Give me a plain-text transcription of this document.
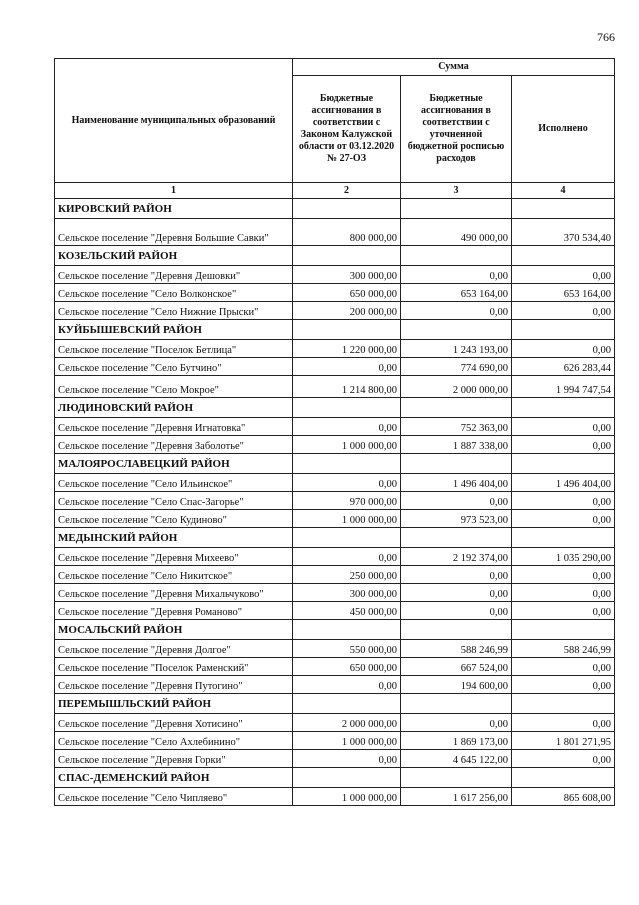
766
Наименование муниципальных образований	Сумма		
	Бюджетные ассигнования в соответствии с Законом Калужской области от 03.12.2020 № 27-ОЗ	Бюджетные ассигнования в соответствии с уточненной бюджетной росписью расходов	Исполнено
1	2	3	4
КИРОВСКИЙ РАЙОН			
Сельское поселение "Деревня Большие Савки"	800 000,00	490 000,00	370 534,40
КОЗЕЛЬСКИЙ РАЙОН			
Сельское поселение "Деревня Дешовки"	300 000,00	0,00	0,00
Сельское поселение "Село Волконское"	650 000,00	653 164,00	653 164,00
Сельское поселение "Село Нижние Прыски"	200 000,00	0,00	0,00
КУЙБЫШЕВСКИЙ РАЙОН			
Сельское поселение "Поселок Бетлица"	1 220 000,00	1 243 193,00	0,00
Сельское поселение "Село Бутчино"	0,00	774 690,00	626 283,44
Сельское поселение "Село Мокрое"	1 214 800,00	2 000 000,00	1 994 747,54
ЛЮДИНОВСКИЙ РАЙОН			
Сельское поселение "Деревня Игнатовка"	0,00	752 363,00	0,00
Сельское поселение "Деревня Заболотье"	1 000 000,00	1 887 338,00	0,00
МАЛОЯРОСЛАВЕЦКИЙ РАЙОН			
Сельское поселение "Село Ильинское"	0,00	1 496 404,00	1 496 404,00
Сельское поселение "Село Спас-Загорье"	970 000,00	0,00	0,00
Сельское поселение "Село Кудиново"	1 000 000,00	973 523,00	0,00
МЕДЫНСКИЙ РАЙОН			
Сельское поселение "Деревня Михеево"	0,00	2 192 374,00	1 035 290,00
Сельское поселение "Село Никитское"	250 000,00	0,00	0,00
Сельское поселение "Деревня Михальчуково"	300 000,00	0,00	0,00
Сельское поселение "Деревня Романово"	450 000,00	0,00	0,00
МОСАЛЬСКИЙ РАЙОН			
Сельское поселение "Деревня Долгое"	550 000,00	588 246,99	588 246,99
Сельское поселение "Поселок Раменский"	650 000,00	667 524,00	0,00
Сельское поселение "Деревня Путогино"	0,00	194 600,00	0,00
ПЕРЕМЫШЛЬСКИЙ РАЙОН			
Сельское поселение "Деревня Хотисино"	2 000 000,00	0,00	0,00
Сельское поселение "Село Ахлебинино"	1 000 000,00	1 869 173,00	1 801 271,95
Сельское поселение "Деревня Горки"	0,00	4 645 122,00	0,00
СПАС-ДЕМЕНСКИЙ РАЙОН			
Сельское поселение "Село Чипляево"	1 000 000,00	1 617 256,00	865 608,00
